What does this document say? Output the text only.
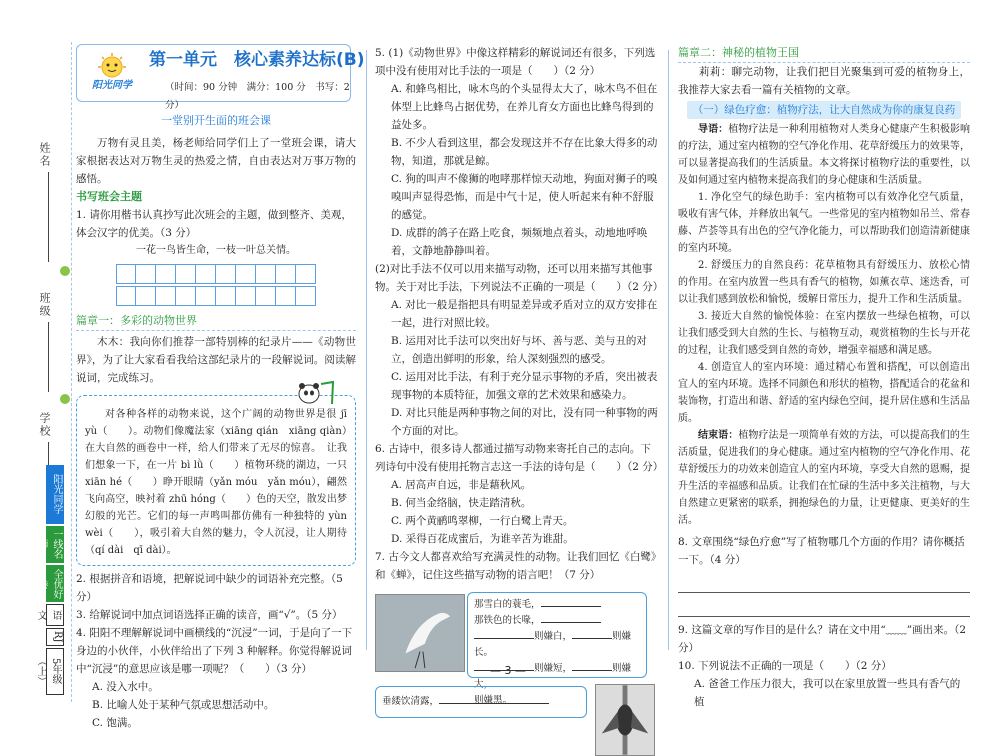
姓名
班级
学校
阳光同学
一线名师
全优好卷
语文
RJ
5年级（上）
阳光同学
第一单元　核心素养达标(B)
（时间：90 分钟　满分：100 分　书写：2 分）
一堂别开生面的班会课
万物有灵且美，杨老师给同学们上了一堂班会课，请大家根据表达对万物生灵的热爱之情，自由表达对万事万物的感悟。
书写班会主题
1. 请你用楷书认真抄写此次班会的主题，做到整齐、美观，体会汉字的优美。（3 分）
一花一鸟皆生命，一枝一叶总关情。
篇章一：多彩的动物世界
木木：我向你们推荐一部特别棒的纪录片——《动物世界》，为了让大家看看我给这部纪录片的一段解说词。阅读解说词，完成练习。
对各种各样的动物来说，这个广阔的动物世界是很 jī yù（　　）。动物们像魔法家（xiāng qián　xiāng qiàn）在大自然的画卷中一样，给人们带来了无尽的惊喜。　让我们想象一下，在一片 bì lǜ（　　）植物环绕的湖边，一只 xiān hé（　　）睁开眼睛（yǎn móu　yǎn móu），翩然飞向高空，映衬着 zhū hóng（　　）色的天空，散发出梦幻般的光芒。它们的每一声鸣叫都仿佛有一种独特的 yùn wèi（　　），吸引着大自然的魅力，令人沉浸，让人期待（qí dài　qī dài）。
2. 根据拼音和语境，把解说词中缺少的词语补充完整。（5 分）
3. 给解说词中加点词语选择正确的读音，画“√”。（5 分）
4. 阳阳不理解解说词中画横线的“沉浸”一词，于是向了一下身边的小伙伴，小伙伴给出了下列 3 种解释。你觉得解说词中“沉浸”的意思应该是哪一项呢？（　　）（3 分）
A. 没入水中。
B. 比喻人处于某种气氛或思想活动中。
C. 饱满。
5. (1)《动物世界》中像这样精彩的解说词还有很多，下列选项中没有使用对比手法的一项是（　　）（2 分）
A. 和蜂鸟相比，咏木鸟的个头显得太大了，咏木鸟不但在体型上比蜂鸟占据优势，在养儿育女方面也比蜂鸟得到的益处多。
B. 不少人看到这里，都会发现这并不存在比象大得多的动物，知道，那就是鲸。
C. 狗的叫声不像狮的咆哮那样惊天动地，狗面对狮子的嗅嗅叫声显得恐怖，而是中气十足，使人听起来有种不舒服的感觉。
D. 成群的鸽子在路上吃食，频频地点着头，动地地呼唤着，文静地静静叫着。
(2)对比手法不仅可以用来描写动物，还可以用来描写其他事物。关于对比手法，下列说法不正确的一项是（　　）（2 分）
A. 对比一般是指把具有明显差异或矛盾对立的双方安排在一起，进行对照比较。
B. 运用对比手法可以突出好与坏、善与恶、美与丑的对立，创造出鲜明的形象，给人深刻强烈的感受。
C. 运用对比手法，有利于充分显示事物的矛盾，突出被表现事物的本质特征，加强文章的艺术效果和感染力。
D. 对比只能是两种事物之间的对比，没有同一种事物的两个方面的对比。
6. 古诗中，很多诗人都通过描写动物来寄托自己的志向。下列诗句中没有使用托物言志这一手法的诗句是（　　）（2 分）
A. 居高声自远，非是藉秋风。
B. 何当金络脑，快走踏清秋。
C. 两个黄鹂鸣翠柳，一行白鹭上青天。
D. 采得百花成蜜后，为谁辛苦为谁甜。
7. 古今文人都喜欢给写充满灵性的动物。让我们回忆《白鹭》和《蝉》，记住这些描写动物的语言吧！（7 分）
那雪白的蓑毛，
那铁色的长喙，
则嫌白，	则嫌长。
则嫌短，	则嫌大，
则嫌黑。
垂緌饮清露，
篇章二：神秘的植物王国
莉莉：聊完动物，让我们把目光聚集到可爱的植物身上，我推荐大家去看一篇有关植物的文章。
（一）绿色疗愈：植物疗法，让大自然成为你的康复良药
导语：植物疗法是一种利用植物对人类身心健康产生积极影响的疗法，通过室内植物的空气净化作用、花草舒缓压力的效果等，可以显著提高我们的生活质量。本文将探讨植物疗法的重要性，以及如何通过室内植物来提高我们的身心健康和生活质量。
1. 净化空气的绿色助手：室内植物可以有效净化空气质量，吸收有害气体，并释放出氧气。一些常见的室内植物如吊兰、常春藤、芦荟等具有出色的空气净化能力，可以帮助我们创造清新健康的室内环境。
2. 舒缓压力的自然良药：花草植物具有舒缓压力、放松心情的作用。在室内放置一些具有香气的植物，如薰衣草、迷迭香，可以让我们感到放松和愉悦，缓解日常压力，提升工作和生活质量。
3. 接近大自然的愉悦体验：在室内摆放一些绿色植物，可以让我们感受到大自然的生长、与植物互动，观赏植物的生长与开花的过程，让我们感受到自然的奇妙，增强幸福感和满足感。
4. 创造宜人的室内环境：通过精心布置和搭配，可以创造出宜人的室内环境。选择不同颜色和形状的植物，搭配适合的花盆和装饰物，打造出和谐、舒适的室内绿色空间，提升居住感和生活品质。
结束语：植物疗法是一项简单有效的方法，可以提高我们的生活质量，促进我们的身心健康。通过室内植物的空气净化作用、花草舒缓压力的功效来创造宜人的室内环境，享受大自然的恩赐，提升生活的幸福感和品质。让我们在忙碌的生活中多关注植物，与大自然建立更紧密的联系，拥抱绿色的力量，让更健康、更美好的生活。
8. 文章围绕“绿色疗愈”写了植物哪几个方面的作用？请你概括一下。（4 分）
9. 这篇文章的写作目的是什么？请在文中用“﹏﹏”画出来。（2 分）
10. 下列说法不正确的一项是（　　）（2 分）
A. 爸爸工作压力很大，我可以在家里放置一些具有香气的植
— 3 —
